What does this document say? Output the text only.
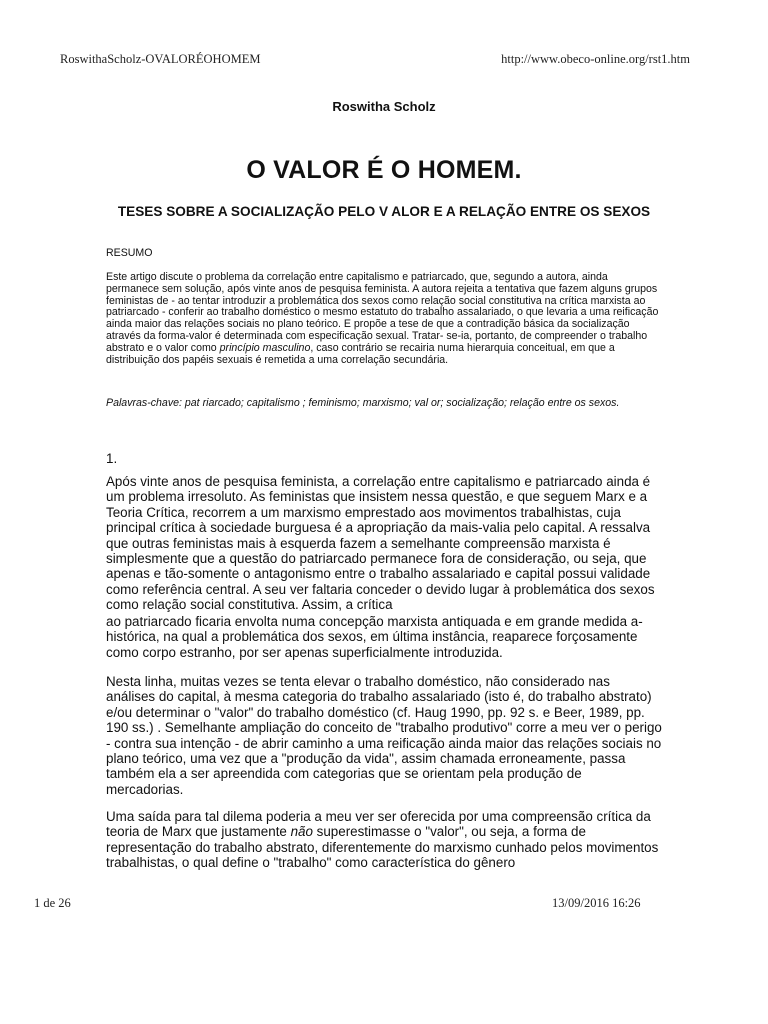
RoswithaScholz-OVALORÉOHOMEM	http://www.obeco-online.org/rst1.htm
Roswitha Scholz
O VALOR É O HOMEM.
TESES SOBRE A SOCIALIZAÇÃO PELO V ALOR E A RELAÇÃO ENTRE OS SEXOS
RESUMO
Este artigo discute o problema da correlação entre capitalismo e patriarcado, que, segundo a autora, ainda permanece sem solução, após vinte anos de pesquisa feminista. A autora rejeita a tentativa que fazem alguns grupos feministas de - ao tentar introduzir a problemática dos sexos como relação social constitutiva na crítica marxista ao patriarcado - conferir ao trabalho doméstico o mesmo estatuto do trabalho assalariado, o que levaria a uma reificação ainda maior das relações sociais no plano teórico. E propõe a tese de que a contradição básica da socialização através da forma-valor é determinada com especificação sexual. Tratar- se-ia, portanto, de compreender o trabalho abstrato e o valor como princípio masculino, caso contrário se recairia numa hierarquia conceitual, em que a distribuição dos papéis sexuais é remetida a uma correlação secundária.
Palavras-chave: pat riarcado; capitalismo ; feminismo; marxismo; val or; socialização; relação entre os sexos.
1.

Após vinte anos de pesquisa feminista, a correlação entre capitalismo e patriarcado ainda é um problema irresoluto. As feministas que insistem nessa questão, e que seguem Marx e a Teoria Crítica, recorrem a um marxismo emprestado aos movimentos trabalhistas, cuja principal crítica à sociedade burguesa é a apropriação da mais-valia pelo capital. A ressalva que outras feministas mais à esquerda fazem a semelhante compreensão marxista é simplesmente que a questão do patriarcado permanece fora de consideração, ou seja, que apenas e tão-somente o antagonismo entre o trabalho assalariado e capital possui validade como referência central. A seu ver faltaria conceder o devido lugar à problemática dos sexos como relação social constitutiva. Assim, a crítica

ao patriarcado ficaria envolta numa concepção marxista antiquada e em grande medida a-histórica, na qual a problemática dos sexos, em última instância, reaparece forçosamente como corpo estranho, por ser apenas superficialmente introduzida.

Nesta linha, muitas vezes se tenta elevar o trabalho doméstico, não considerado nas análises do capital, à mesma categoria do trabalho assalariado (isto é, do trabalho abstrato) e/ou determinar o "valor" do trabalho doméstico (cf. Haug 1990, pp. 92 s. e Beer, 1989, pp. 190 ss.) . Semelhante ampliação do conceito de "trabalho produtivo" corre a meu ver o perigo - contra sua intenção - de abrir caminho a uma reificação ainda maior das relações sociais no plano teórico, uma vez que a "produção da vida", assim chamada erroneamente, passa também ela a ser apreendida com categorias que se orientam pela produção de mercadorias.

Uma saída para tal dilema poderia a meu ver ser oferecida por uma compreensão crítica da teoria de Marx que justamente não superestimasse o "valor", ou seja, a forma de representação do trabalho abstrato, diferentemente do marxismo cunhado pelos movimentos trabalhistas, o qual define o "trabalho" como característica do gênero

1 de 26	13/09/2016 16:26
